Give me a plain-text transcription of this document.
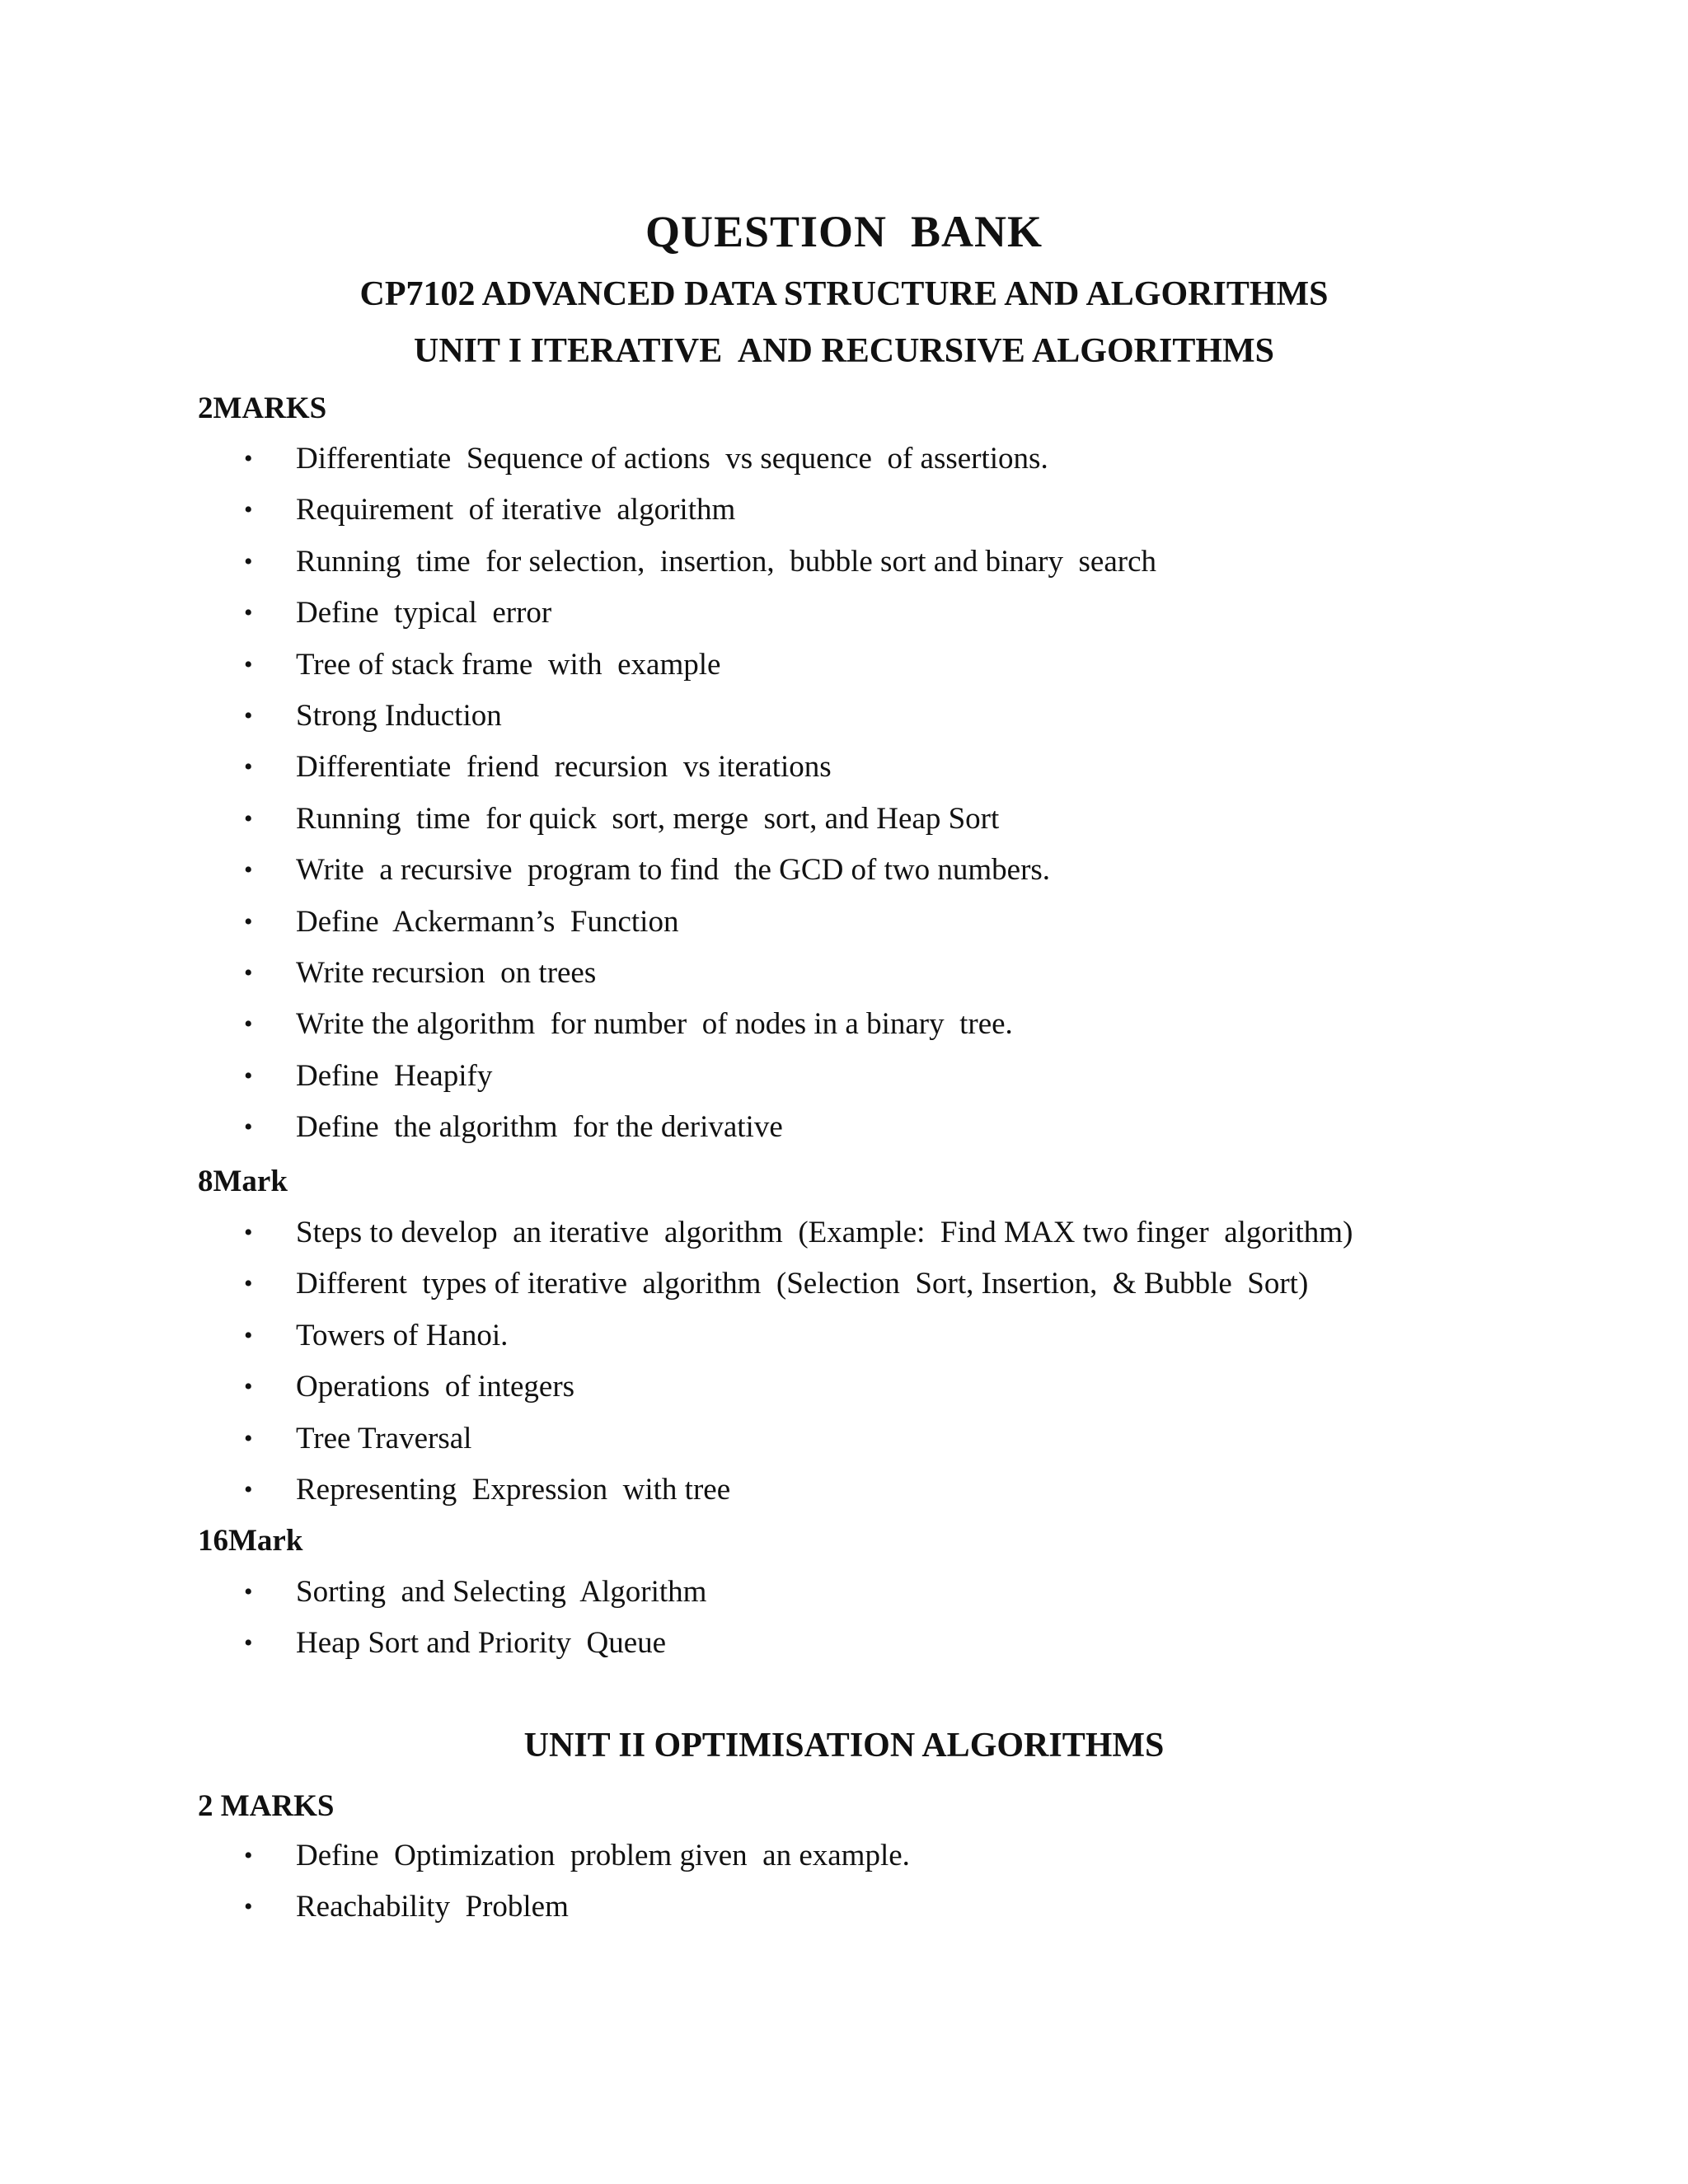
QUESTION  BANK
CP7102 ADVANCED DATA STRUCTURE AND ALGORITHMS
UNIT I ITERATIVE  AND RECURSIVE ALGORITHMS
2MARKS
• Differentiate  Sequence of actions  vs sequence  of assertions.
• Requirement  of iterative  algorithm
• Running  time  for selection,  insertion,  bubble sort and binary  search
• Define  typical  error
• Tree of stack frame  with  example
• Strong Induction
• Differentiate  friend  recursion  vs iterations
• Running  time  for quick  sort, merge  sort, and Heap Sort
• Write  a recursive  program to find  the GCD of two numbers.
• Define  Ackermann’s  Function
• Write recursion  on trees
• Write the algorithm  for number  of nodes in a binary  tree.
• Define  Heapify
• Define  the algorithm  for the derivative
8Mark
• Steps to develop  an iterative  algorithm  (Example:  Find MAX two finger  algorithm)
• Different  types of iterative  algorithm  (Selection  Sort, Insertion,  & Bubble  Sort)
• Towers of Hanoi.
• Operations  of integers
• Tree Traversal
• Representing  Expression  with tree
16Mark
• Sorting  and Selecting  Algorithm
• Heap Sort and Priority  Queue
UNIT II OPTIMISATION ALGORITHMS
2 MARKS
• Define  Optimization  problem given  an example.
• Reachability  Problem
